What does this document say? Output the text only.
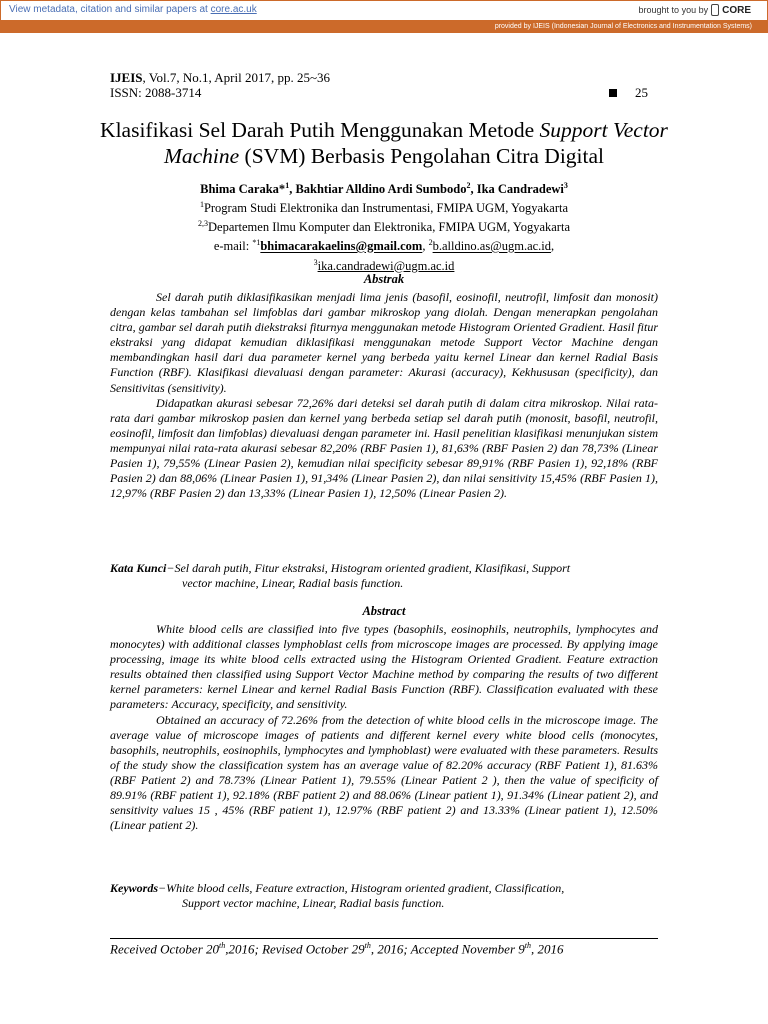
View metadata, citation and similar papers at core.ac.uk	brought to you by CORE
provided by IJEIS (Indonesian Journal of Electronics and Instrumentation Systems)
IJEIS, Vol.7, No.1, April 2017, pp. 25~36
ISSN: 2088-3714	25
Klasifikasi Sel Darah Putih Menggunakan Metode Support Vector Machine (SVM) Berbasis Pengolahan Citra Digital
Bhima Caraka*$^1$, Bakhtiar Alldino Ardi Sumbodo$^2$, Ika Candradewi$^3$
$^1$Program Studi Elektronika dan Instrumentasi, FMIPA UGM, Yogyakarta
$^{2,3}$Departemen Ilmu Komputer dan Elektronika, FMIPA UGM, Yogyakarta
e-mail: $^{*1}$bhimacarakaelins@gmail.com, $^2$b.alldino.as@ugm.ac.id,
$^3$ika.candradewi@ugm.ac.id
Abstrak

Sel darah putih diklasifikasikan menjadi lima jenis (basofil, eosinofil, neutrofil, limfosit dan monosit) dengan kelas tambahan sel limfoblas dari gambar mikroskop yang diolah. Dengan menerapkan pengolahan citra, gambar sel darah putih diekstraksi fiturnya menggunakan metode Histogram Oriented Gradient. Hasil fitur ekstraksi yang didapat kemudian diklasifikasi menggunakan metode Support Vector Machine dengan membandingkan hasil dari dua parameter kernel yang berbeda yaitu kernel Linear dan kernel Radial Basis Function (RBF). Klasifikasi dievaluasi dengan parameter: Akurasi (accuracy), Kekhususan (specificity), dan Sensitivitas (sensitivity).

Didapatkan akurasi sebesar 72,26% dari deteksi sel darah putih di dalam citra mikroskop. Nilai rata-rata dari gambar mikroskop pasien dan kernel yang berbeda setiap sel darah putih (monosit, basofil, neutrofil, eosinofil, limfosit dan limfoblas) dievaluasi dengan parameter ini. Hasil penelitian klasifikasi menunjukan sistem mempunyai nilai rata-rata akurasi sebesar 82,20% (RBF Pasien 1), 81,63% (RBF Pasien 2) dan 78,73% (Linear Pasien 1), 79,55% (Linear Pasien 2), kemudian nilai specificity sebesar 89,91% (RBF Pasien 1), 92,18% (RBF Pasien 2) dan 88,06% (Linear Pasien 1), 91,34% (Linear Pasien 2), dan nilai sensitivity 15,45% (RBF Pasien 1), 12,97% (RBF Pasien 2) dan 13,33% (Linear Pasien 1), 12,50% (Linear Pasien 2).

Kata Kunci−Sel darah putih, Fitur ekstraksi, Histogram oriented gradient, Klasifikasi, Support
vector machine, Linear, Radial basis function.
Abstract

White blood cells are classified into five types (basophils, eosinophils, neutrophils, lymphocytes and monocytes) with additional classes lymphoblast cells from microscope images are processed. By applying image processing, image its white blood cells extracted using the Histogram Oriented Gradient. Feature extraction results obtained then classified using Support Vector Machine method by comparing the results of two different kernel parameters: kernel Linear and kernel Radial Basis Function (RBF). Classification evaluated with these parameters: Accuracy, specificity, and sensitivity.

Obtained an accuracy of 72.26% from the detection of white blood cells in the microscope image. The average value of microscope images of patients and different kernel every white blood cells (monocytes, basophils, neutrophils, eosinophils, lymphocytes and lymphoblast) were evaluated with these parameters. Results of the study show the classification system has an average value of 82.20% accuracy (RBF Patient 1), 81.63% (RBF Patient 2) and 78.73% (Linear Patient 1), 79.55% (Linear Patient 2 ), then the value of specificity of 89.91% (RBF patient 1), 92.18% (RBF patient 2) and 88.06% (Linear patient 1), 91.34% (Linear patient 2), and sensitivity values 15 , 45% (RBF patient 1), 12.97% (RBF patient 2) and 13.33% (Linear patient 1), 12.50% (Linear patient 2).

Keywords−White blood cells, Feature extraction, Histogram oriented gradient, Classification,
Support vector machine, Linear, Radial basis function.
Received October 20th,2016; Revised October 29th, 2016; Accepted November 9th, 2016
